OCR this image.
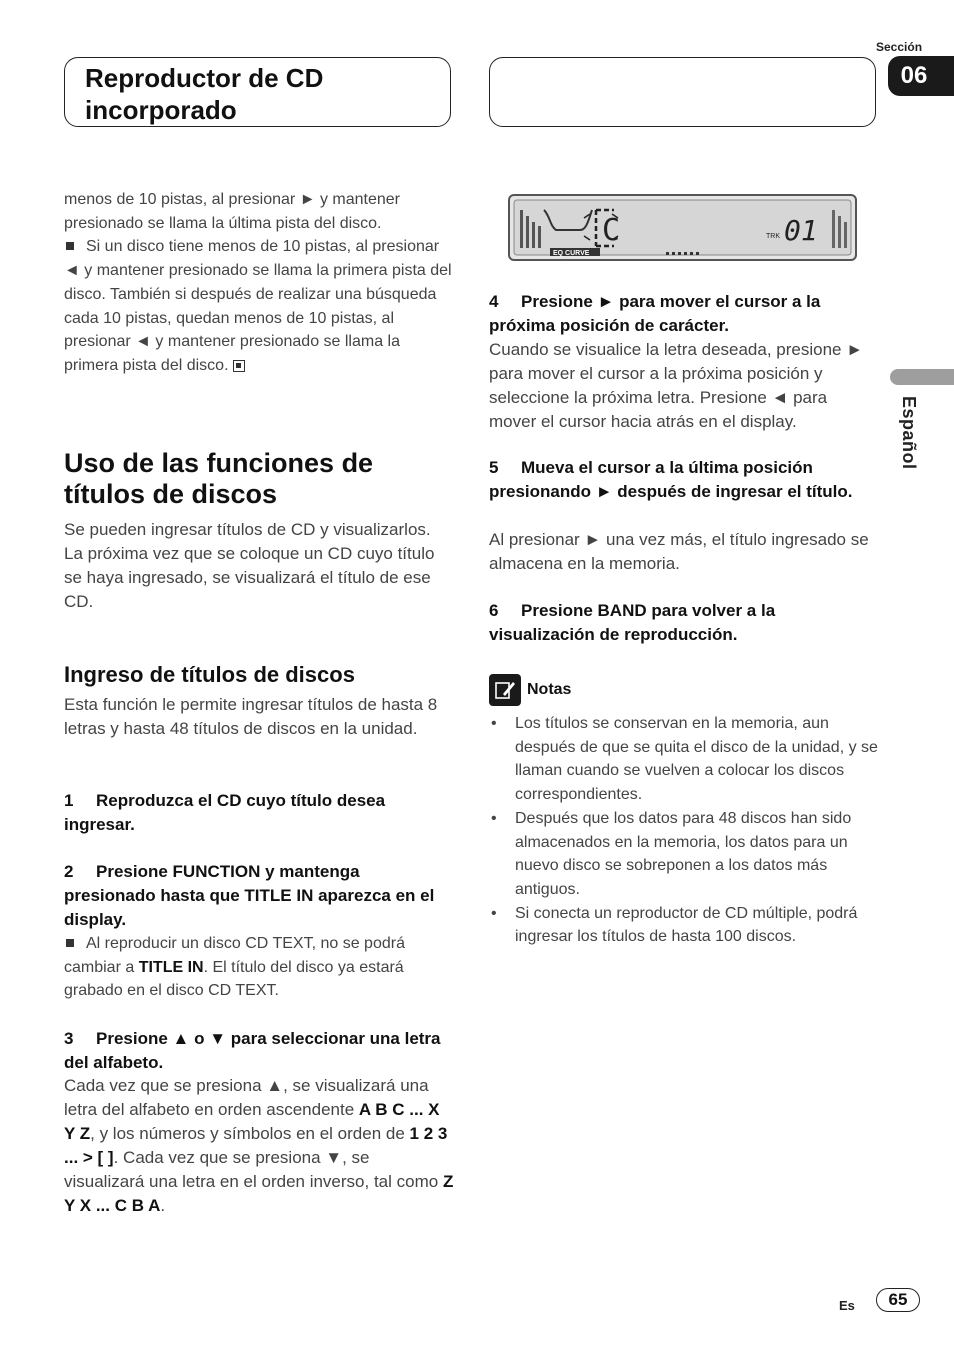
Reproductor de CD incorporado
Sección
06
Español
menos de 10 pistas, al presionar ► y mantener presionado se llama la última pista del disco.
Si un disco tiene menos de 10 pistas, al presionar ◄ y mantener presionado se llama la primera pista del disco. También si después de realizar una búsqueda cada 10 pistas, quedan menos de 10 pistas, al presionar ◄ y mantener presionado se llama la primera pista del disco.
Uso de las funciones de títulos de discos
Se pueden ingresar títulos de CD y visualizarlos. La próxima vez que se coloque un CD cuyo título se haya ingresado, se visualizará el título de ese CD.
Ingreso de títulos de discos
Esta función le permite ingresar títulos de hasta 8 letras y hasta 48 títulos de discos en la unidad.
1 Reproduzca el CD cuyo título desea ingresar.
2 Presione FUNCTION y mantenga presionado hasta que TITLE IN aparezca en el display.
Al reproducir un disco CD TEXT, no se podrá cambiar a TITLE IN. El título del disco ya estará grabado en el disco CD TEXT.
3 Presione ▲ o ▼ para seleccionar una letra del alfabeto.
Cada vez que se presiona ▲, se visualizará una letra del alfabeto en orden ascendente A B C ... X Y Z, y los números y símbolos en el orden de 1 2 3 ... > [ ]. Cada vez que se presiona ▼, se visualizará una letra en el orden inverso, tal como Z Y X ... C B A.
EQ CURVE
TRK
C	01
4 Presione ► para mover el cursor a la próxima posición de carácter.
Cuando se visualice la letra deseada, presione ► para mover el cursor a la próxima posición y seleccione la próxima letra. Presione ◄ para mover el cursor hacia atrás en el display.
5 Mueva el cursor a la última posición presionando ► después de ingresar el título.
Al presionar ► una vez más, el título ingresado se almacena en la memoria.
6 Presione BAND para volver a la visualización de reproducción.
Notas
• Los títulos se conservan en la memoria, aun después de que se quita el disco de la unidad, y se llaman cuando se vuelven a colocar los discos correspondientes.
• Después que los datos para 48 discos han sido almacenados en la memoria, los datos para un nuevo disco se sobreponen a los datos más antiguos.
• Si conecta un reproductor de CD múltiple, podrá ingresar los títulos de hasta 100 discos.
Es 65
